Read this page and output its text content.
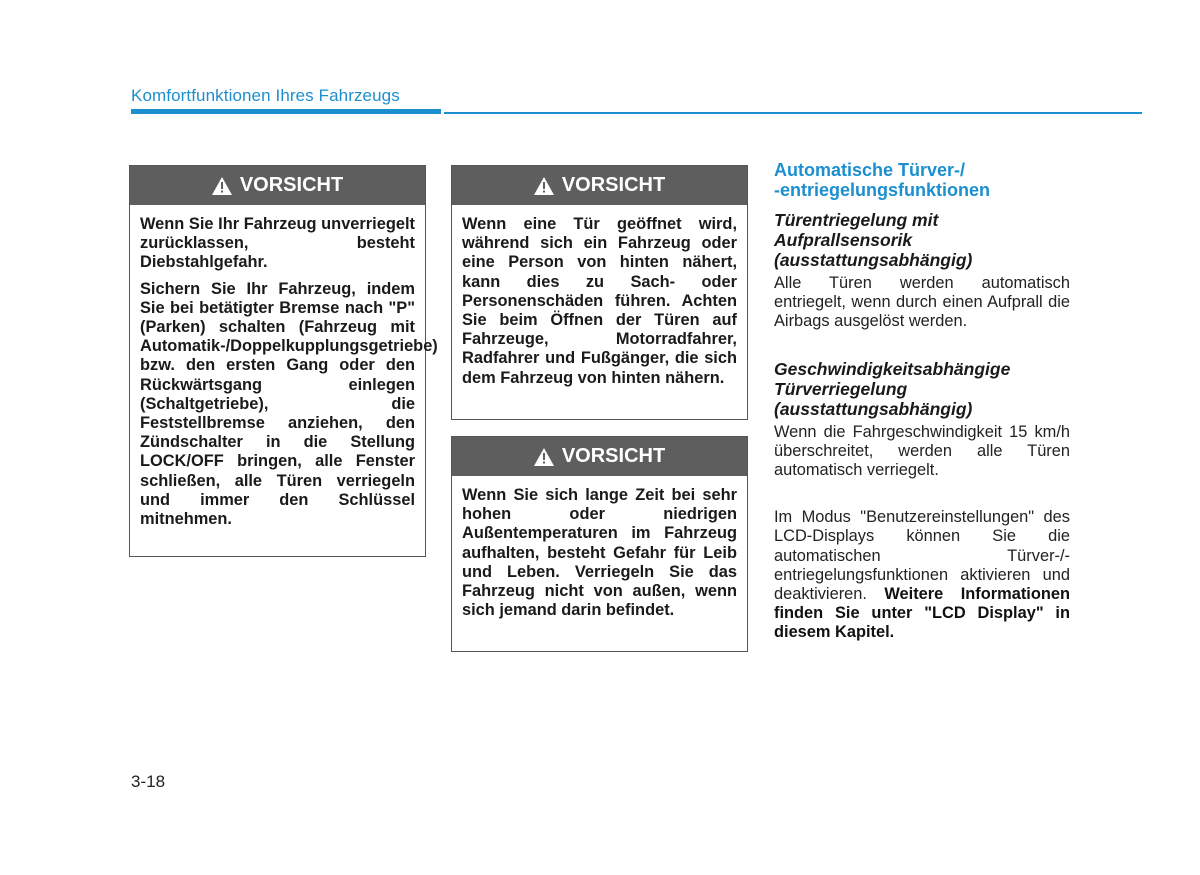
Komfortfunktionen Ihres Fahrzeugs
VORSICHT

Wenn Sie Ihr Fahrzeug unverriegelt zurücklassen, besteht Diebstahlgefahr.

Sichern Sie Ihr Fahrzeug, indem Sie bei betätigter Bremse nach "P" (Parken) schalten (Fahrzeug mit Automatik-/Doppelkupplungsgetriebe) bzw. den ersten Gang oder den Rückwärtsgang einlegen (Schaltgetriebe), die Feststellbremse anziehen, den Zündschalter in die Stellung LOCK/OFF bringen, alle Fenster schließen, alle Türen verriegeln und immer den Schlüssel mitnehmen.

VORSICHT

Wenn eine Tür geöffnet wird, während sich ein Fahrzeug oder eine Person von hinten nähert, kann dies zu Sach- oder Personenschäden führen. Achten Sie beim Öffnen der Türen auf Fahrzeuge, Motorradfahrer, Radfahrer und Fußgänger, die sich dem Fahrzeug von hinten nähern.

VORSICHT

Wenn Sie sich lange Zeit bei sehr hohen oder niedrigen Außentemperaturen im Fahrzeug aufhalten, besteht Gefahr für Leib und Leben. Verriegeln Sie das Fahrzeug nicht von außen, wenn sich jemand darin befindet.

Automatische Türver-/
-entriegelungsfunktionen

Türentriegelung mit
Aufprallsensorik
(ausstattungsabhängig)

Alle Türen werden automatisch entriegelt, wenn durch einen Aufprall die Airbags ausgelöst werden.

Geschwindigkeitsabhängige
Türverriegelung
(ausstattungsabhängig)

Wenn die Fahrgeschwindigkeit 15 km/h überschreitet, werden alle Türen automatisch verriegelt.

Im Modus "Benutzereinstellungen" des LCD-Displays können Sie die automatischen Türver-/-entriegelungsfunktionen aktivieren und deaktivieren. Weitere Informationen finden Sie unter "LCD Display" in diesem Kapitel.

3-18
